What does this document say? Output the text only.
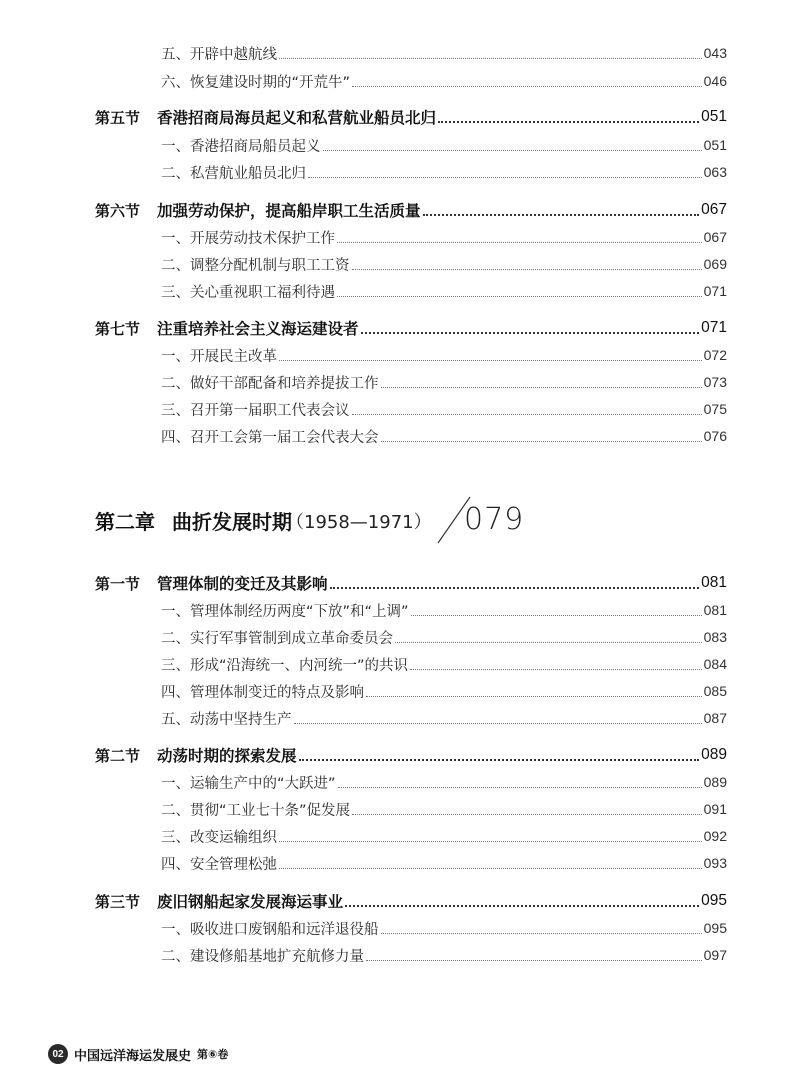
五、开辟中越航线	043
六、恢复建设时期的“开荒牛”	046
第五节 香港招商局海员起义和私营航业船员北归	051
一、香港招商局船员起义	051
二、私营航业船员北归	063
第六节 加强劳动保护，提高船岸职工生活质量	067
一、开展劳动技术保护工作	067
二、调整分配机制与职工工资	069
三、关心重视职工福利待遇	071
第七节 注重培养社会主义海运建设者	071
一、开展民主改革	072
二、做好干部配备和培养提拔工作	073
三、召开第一届职工代表会议	075
四、召开工会第一届工会代表大会	076
第二章 曲折发展时期
（1958—1971） 079
第一节 管理体制的变迁及其影响	081
一、管理体制经历两度“下放”和“上调”	081
二、实行军事管制到成立革命委员会	083
三、形成“沿海统一、内河统一”的共识	084
四、管理体制变迁的特点及影响	085
五、动荡中坚持生产	087
第二节 动荡时期的探索发展	089
一、运输生产中的“大跃进”	089
二、贯彻“工业七十条”促发展	091
三、改变运输组织	092
四、安全管理松弛	093
第三节 废旧钢船起家发展海运事业	095
一、吸收进口废钢船和远洋退役船	095
二、建设修船基地扩充航修力量	097
02 中国远洋海运发展史 第⑥卷
